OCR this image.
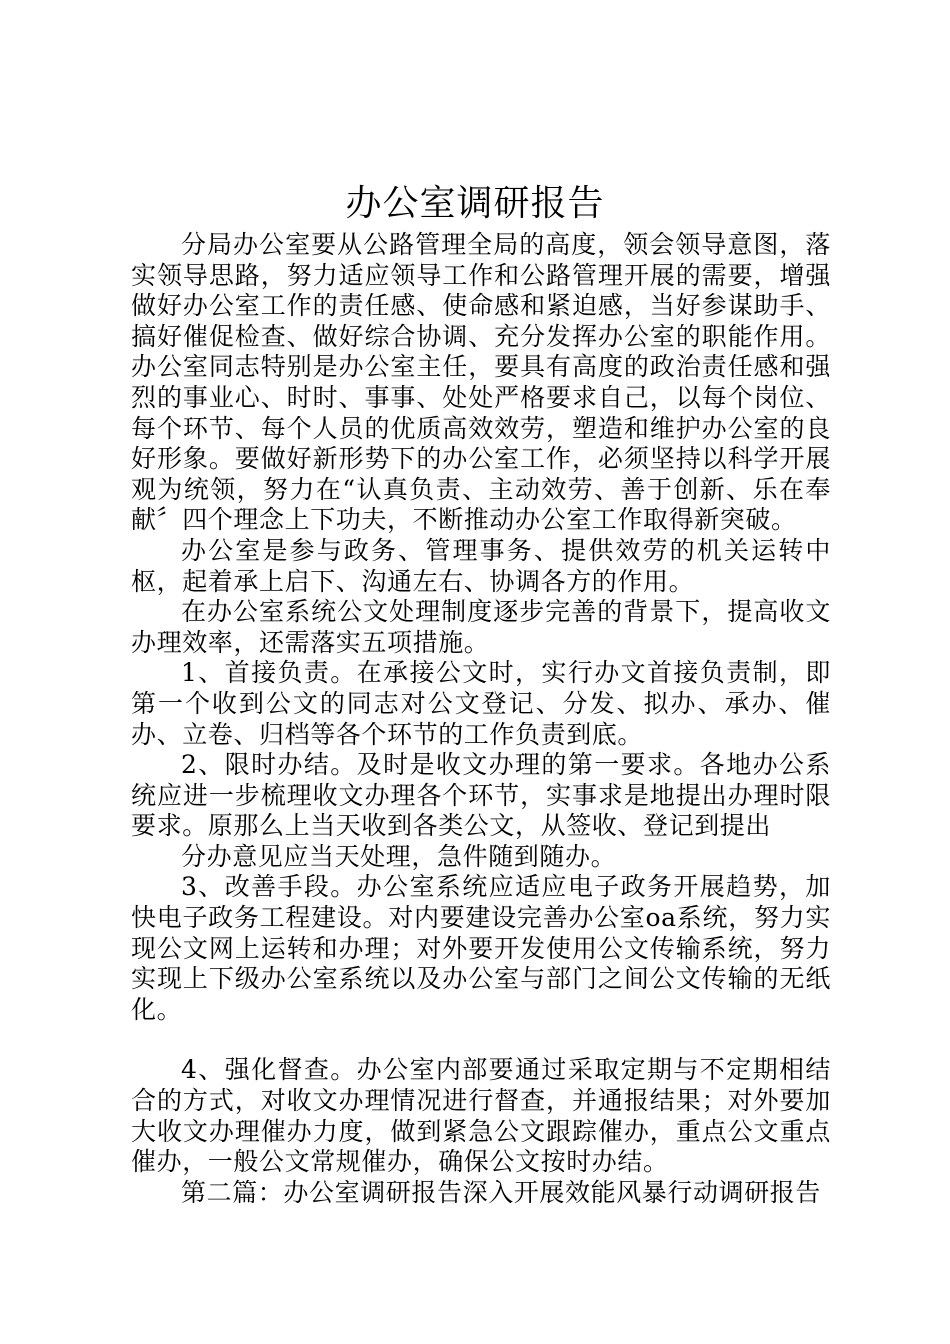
办公室调研报告

分局办公室要从公路管理全局的高度，领会领导意图，落实领导思路，努力适应领导工作和公路管理开展的需要，增强做好办公室工作的责任感、使命感和紧迫感，当好参谋助手、搞好催促检查、做好综合协调、充分发挥办公室的职能作用。办公室同志特别是办公室主任，要具有高度的政治责任感和强烈的事业心、时时、事事、处处严格要求自己，以每个岗位、每个环节、每个人员的优质高效效劳，塑造和维护办公室的良好形象。要做好新形势下的办公室工作，必须坚持以科学开展观为统领，努力在“认真负责、主动效劳、善于创新、乐在奉献〞四个理念上下功夫，不断推动办公室工作取得新突破。

办公室是参与政务、管理事务、提供效劳的机关运转中枢，起着承上启下、沟通左右、协调各方的作用。

在办公室系统公文处理制度逐步完善的背景下，提高收文办理效率，还需落实五项措施。

1、首接负责。在承接公文时，实行办文首接负责制，即第一个收到公文的同志对公文登记、分发、拟办、承办、催办、立卷、归档等各个环节的工作负责到底。

2、限时办结。及时是收文办理的第一要求。各地办公系统应进一步梳理收文办理各个环节，实事求是地提出办理时限要求。原那么上当天收到各类公文，从签收、登记到提出

分办意见应当天处理，急件随到随办。

3、改善手段。办公室系统应适应电子政务开展趋势，加快电子政务工程建设。对内要建设完善办公室oa系统，努力实现公文网上运转和办理；对外要开发使用公文传输系统，努力实现上下级办公室系统以及办公室与部门之间公文传输的无纸化。

4、强化督查。办公室内部要通过采取定期与不定期相结合的方式，对收文办理情况进行督查，并通报结果；对外要加大收文办理催办力度，做到紧急公文跟踪催办，重点公文重点催办，一般公文常规催办，确保公文按时办结。

第二篇：办公室调研报告深入开展效能风暴行动调研报告
